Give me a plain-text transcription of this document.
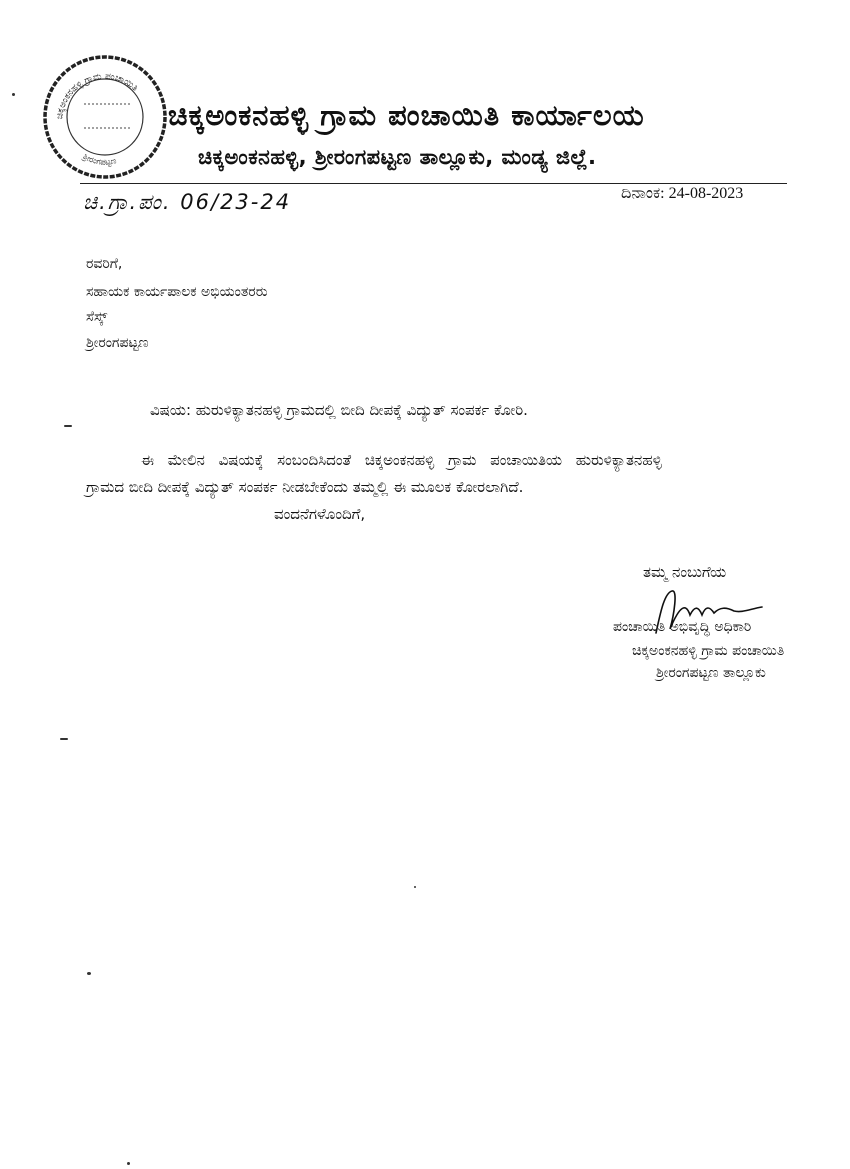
ಚಿಕ್ಕಅಂಕನಹಳ್ಳಿ ಗ್ರಾಮ ಪಂಚಾಯಿತಿ
ಶ್ರೀರಂಗಪಟ್ಟಣ
ಚಿಕ್ಕಅಂಕನಹಳ್ಳಿ ಗ್ರಾಮ ಪಂಚಾಯಿತಿ ಕಾರ್ಯಾಲಯ
ಚಿಕ್ಕಅಂಕನಹಳ್ಳಿ, ಶ್ರೀರಂಗಪಟ್ಟಣ ತಾಲ್ಲೂಕು, ಮಂಡ್ಯ ಜಿಲ್ಲೆ.
ಚಿ.ಗ್ರಾ.ಪಂ. 06/23-24	ದಿನಾಂಕ: 24-08-2023
ರವರಿಗೆ,
ಸಹಾಯಕ ಕಾರ್ಯಪಾಲಕ ಅಭಿಯಂತರರು
ಸೆಸ್ಕ್
ಶ್ರೀರಂಗಪಟ್ಟಣ
ವಿಷಯ: ಹುರುಳಿಕ್ಯಾತನಹಳ್ಳಿ ಗ್ರಾಮದಲ್ಲಿ ಬೀದಿ ದೀಪಕ್ಕೆ ವಿದ್ಯುತ್ ಸಂಪರ್ಕ ಕೋರಿ.
ಈ ಮೇಲಿನ ವಿಷಯಕ್ಕೆ ಸಂಬಂದಿಸಿದಂತೆ ಚಿಕ್ಕಅಂಕನಹಳ್ಳಿ ಗ್ರಾಮ ಪಂಚಾಯಿತಿಯ ಹುರುಳಿಕ್ಯಾತನಹಳ್ಳಿ
ಗ್ರಾಮದ ಬೀದಿ ದೀಪಕ್ಕೆ ವಿದ್ಯುತ್ ಸಂಪರ್ಕ ನೀಡಬೇಕೆಂದು ತಮ್ಮಲ್ಲಿ ಈ ಮೂಲಕ ಕೋರಲಾಗಿದೆ.
ವಂದನೆಗಳೊಂದಿಗೆ,
ತಮ್ಮ ನಂಬುಗೆಯ
ಪಂಚಾಯಿತಿ ಅಭಿವೃದ್ಧಿ ಅಧಿಕಾರಿ
ಚಿಕ್ಕಅಂಕನಹಳ್ಳಿ ಗ್ರಾಮ ಪಂಚಾಯಿತಿ
ಶ್ರೀರಂಗಪಟ್ಟಣ ತಾಲ್ಲೂಕು
